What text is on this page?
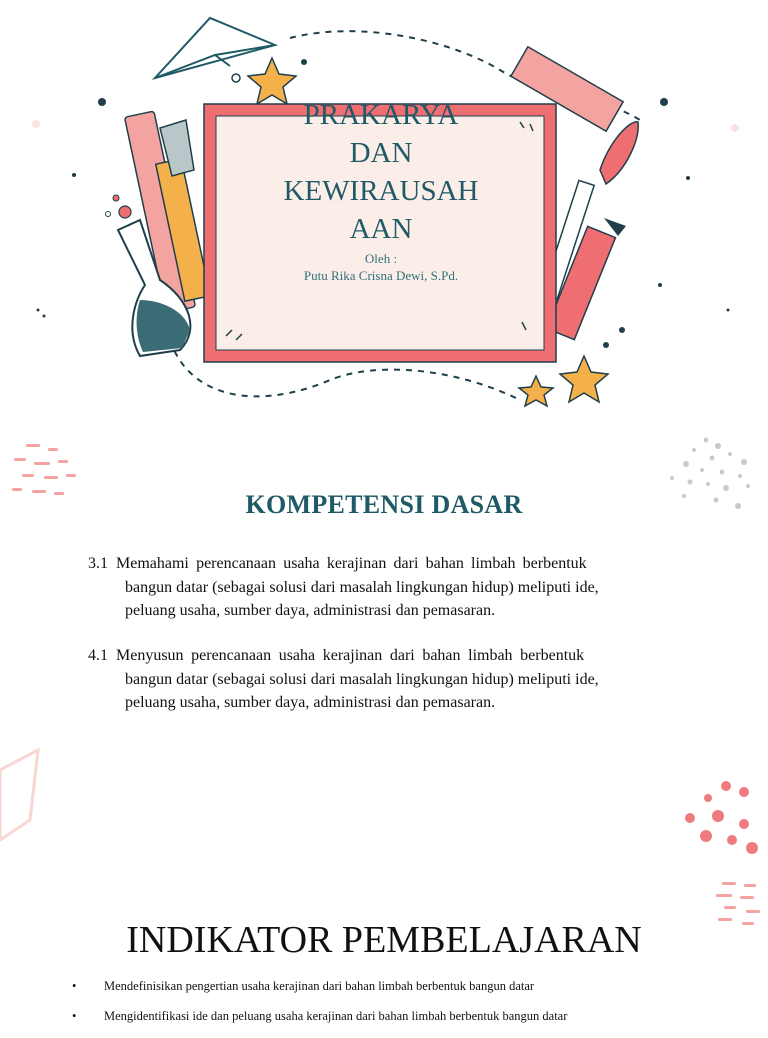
PRAKARYA
DAN
KEWIRAUSAH
AAN
Oleh :
Putu Rika Crisna Dewi, S.Pd.
KOMPETENSI DASAR
3.1 Memahami perencanaan usaha kerajinan dari bahan limbah berbentuk
bangun datar (sebagai solusi dari masalah lingkungan hidup) meliputi ide,
peluang usaha, sumber daya, administrasi dan pemasaran.
4.1 Menyusun perencanaan usaha kerajinan dari bahan limbah berbentuk
bangun datar (sebagai solusi dari masalah lingkungan hidup) meliputi ide,
peluang usaha, sumber daya, administrasi dan pemasaran.
INDIKATOR PEMBELAJARAN
• Mendefinisikan pengertian usaha kerajinan dari bahan limbah berbentuk bangun datar
• Mengidentifikasi ide dan peluang usaha kerajinan dari bahan limbah berbentuk bangun datar
